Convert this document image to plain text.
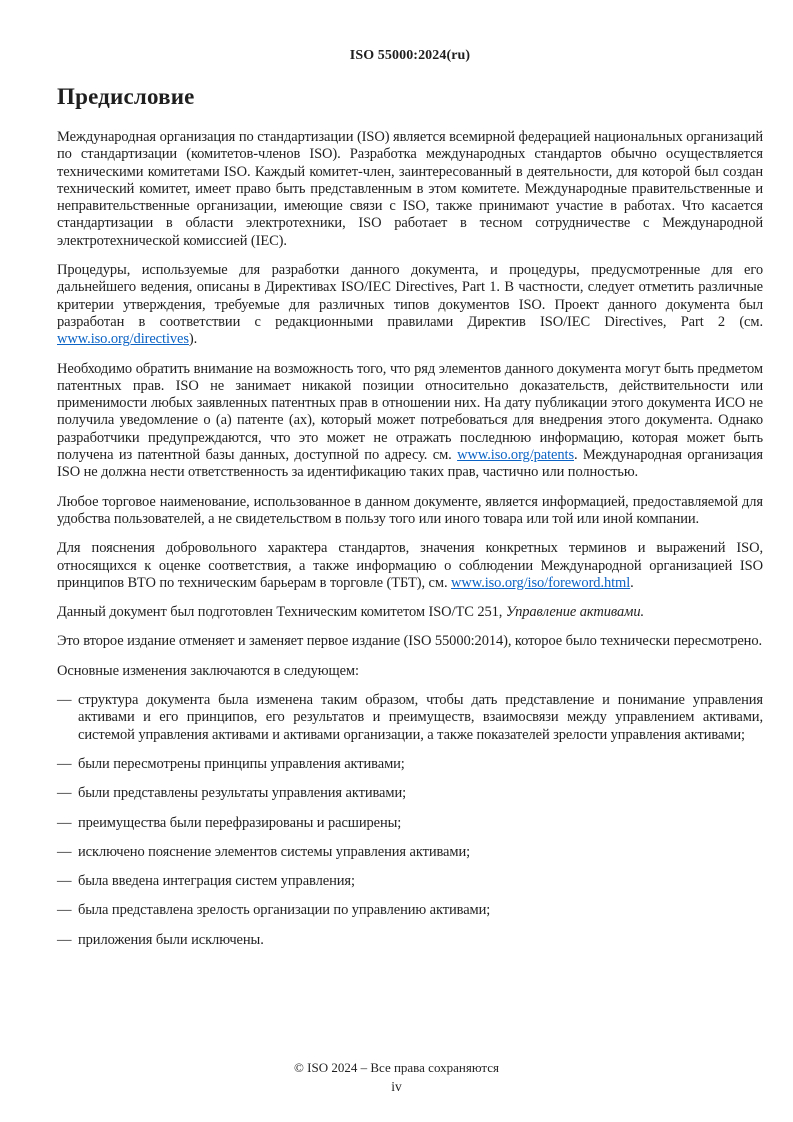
ISO 55000:2024(ru)
Предисловие

Международная организация по стандартизации (ISO) является всемирной федерацией национальных организаций по стандартизации (комитетов-членов ISO). Разработка международных стандартов обычно осуществляется техническими комитетами ISO. Каждый комитет-член, заинтересованный в деятельности, для которой был создан технический комитет, имеет право быть представленным в этом комитете. Международные правительственные и неправительственные организации, имеющие связи с ISO, также принимают участие в работах. Что касается стандартизации в области электротехники, ISO работает в тесном сотрудничестве с Международной электротехнической комиссией (IEC).

Процедуры, используемые для разработки данного документа, и процедуры, предусмотренные для его дальнейшего ведения, описаны в Директивах ISO/IEC Directives, Part 1. В частности, следует отметить различные критерии утверждения, требуемые для различных типов документов ISO. Проект данного документа был разработан в соответствии с редакционными правилами Директив ISO/IEC Directives, Part 2 (см. www.iso.org/directives).

Необходимо обратить внимание на возможность того, что ряд элементов данного документа могут быть предметом патентных прав. ISO не занимает никакой позиции относительно доказательств, действительности или применимости любых заявленных патентных прав в отношении них. На дату публикации этого документа ИСО не получила уведомление о (а) патенте (ах), который может потребоваться для внедрения этого документа. Однако разработчики предупреждаются, что это может не отражать последнюю информацию, которая может быть получена из патентной базы данных, доступной по адресу. см. www.iso.org/patents. Международная организация ISO не должна нести ответственность за идентификацию таких прав, частично или полностью.

Любое торговое наименование, использованное в данном документе, является информацией, предоставляемой для удобства пользователей, а не свидетельством в пользу того или иного товара или той или иной компании.

Для пояснения добровольного характера стандартов, значения конкретных терминов и выражений ISO, относящихся к оценке соответствия, а также информацию о соблюдении Международной организацией ISO принципов ВТО по техническим барьерам в торговле (ТБТ), см. www.iso.org/iso/foreword.html.

Данный документ был подготовлен Техническим комитетом ISO/TC 251, Управление активами.

Это второе издание отменяет и заменяет первое издание (ISO 55000:2014), которое было технически пересмотрено.

Основные изменения заключаются в следующем:

— структура документа была изменена таким образом, чтобы дать представление и понимание управления активами и его принципов, его результатов и преимуществ, взаимосвязи между управлением активами, системой управления активами и активами организации, а также показателей зрелости управления активами;
— были пересмотрены принципы управления активами;
— были представлены результаты управления активами;
— преимущества были перефразированы и расширены;
— исключено пояснение элементов системы управления активами;
— была введена интеграция систем управления;
— была представлена зрелость организации по управлению активами;
— приложения были исключены.
© ISO 2024 – Все права сохраняются
iv
